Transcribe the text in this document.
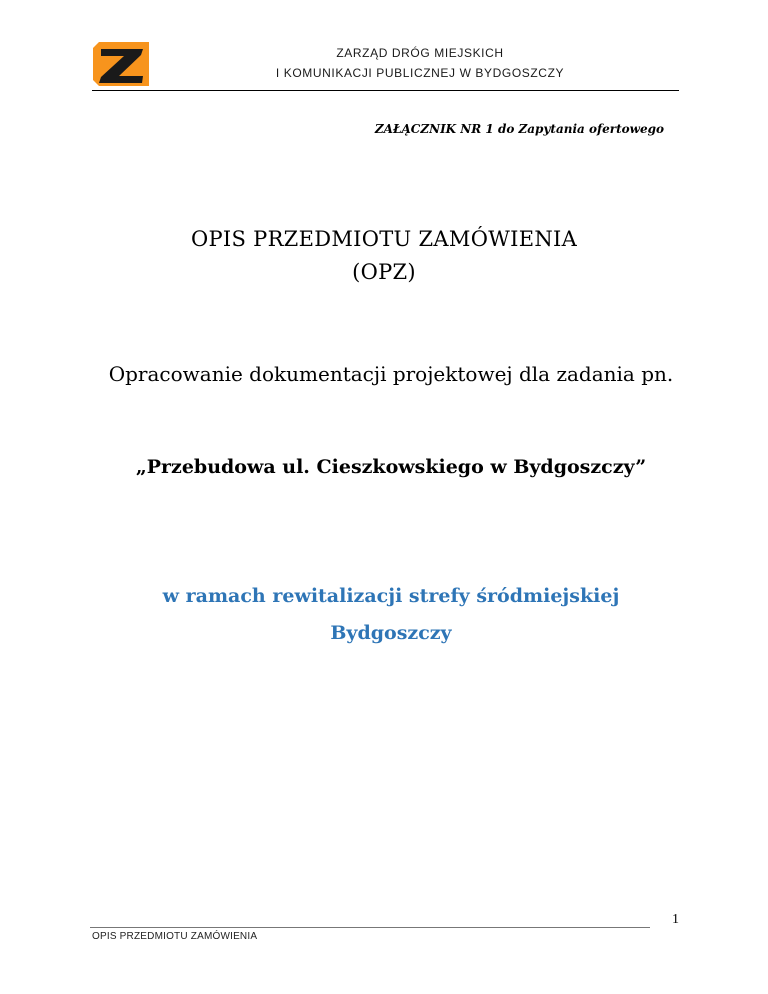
ZARZĄD DRÓG MIEJSKICH
I KOMUNIKACJI PUBLICZNEJ W BYDGOSZCZY
ZAŁĄCZNIK NR 1 do Zapytania ofertowego
OPIS PRZEDMIOTU ZAMÓWIENIA
(OPZ)
Opracowanie dokumentacji projektowej dla zadania pn.
„Przebudowa ul. Cieszkowskiego w Bydgoszczy”
w ramach rewitalizacji strefy śródmiejskiej
Bydgoszczy
OPIS PRZEDMIOTU ZAMÓWIENIA
1
